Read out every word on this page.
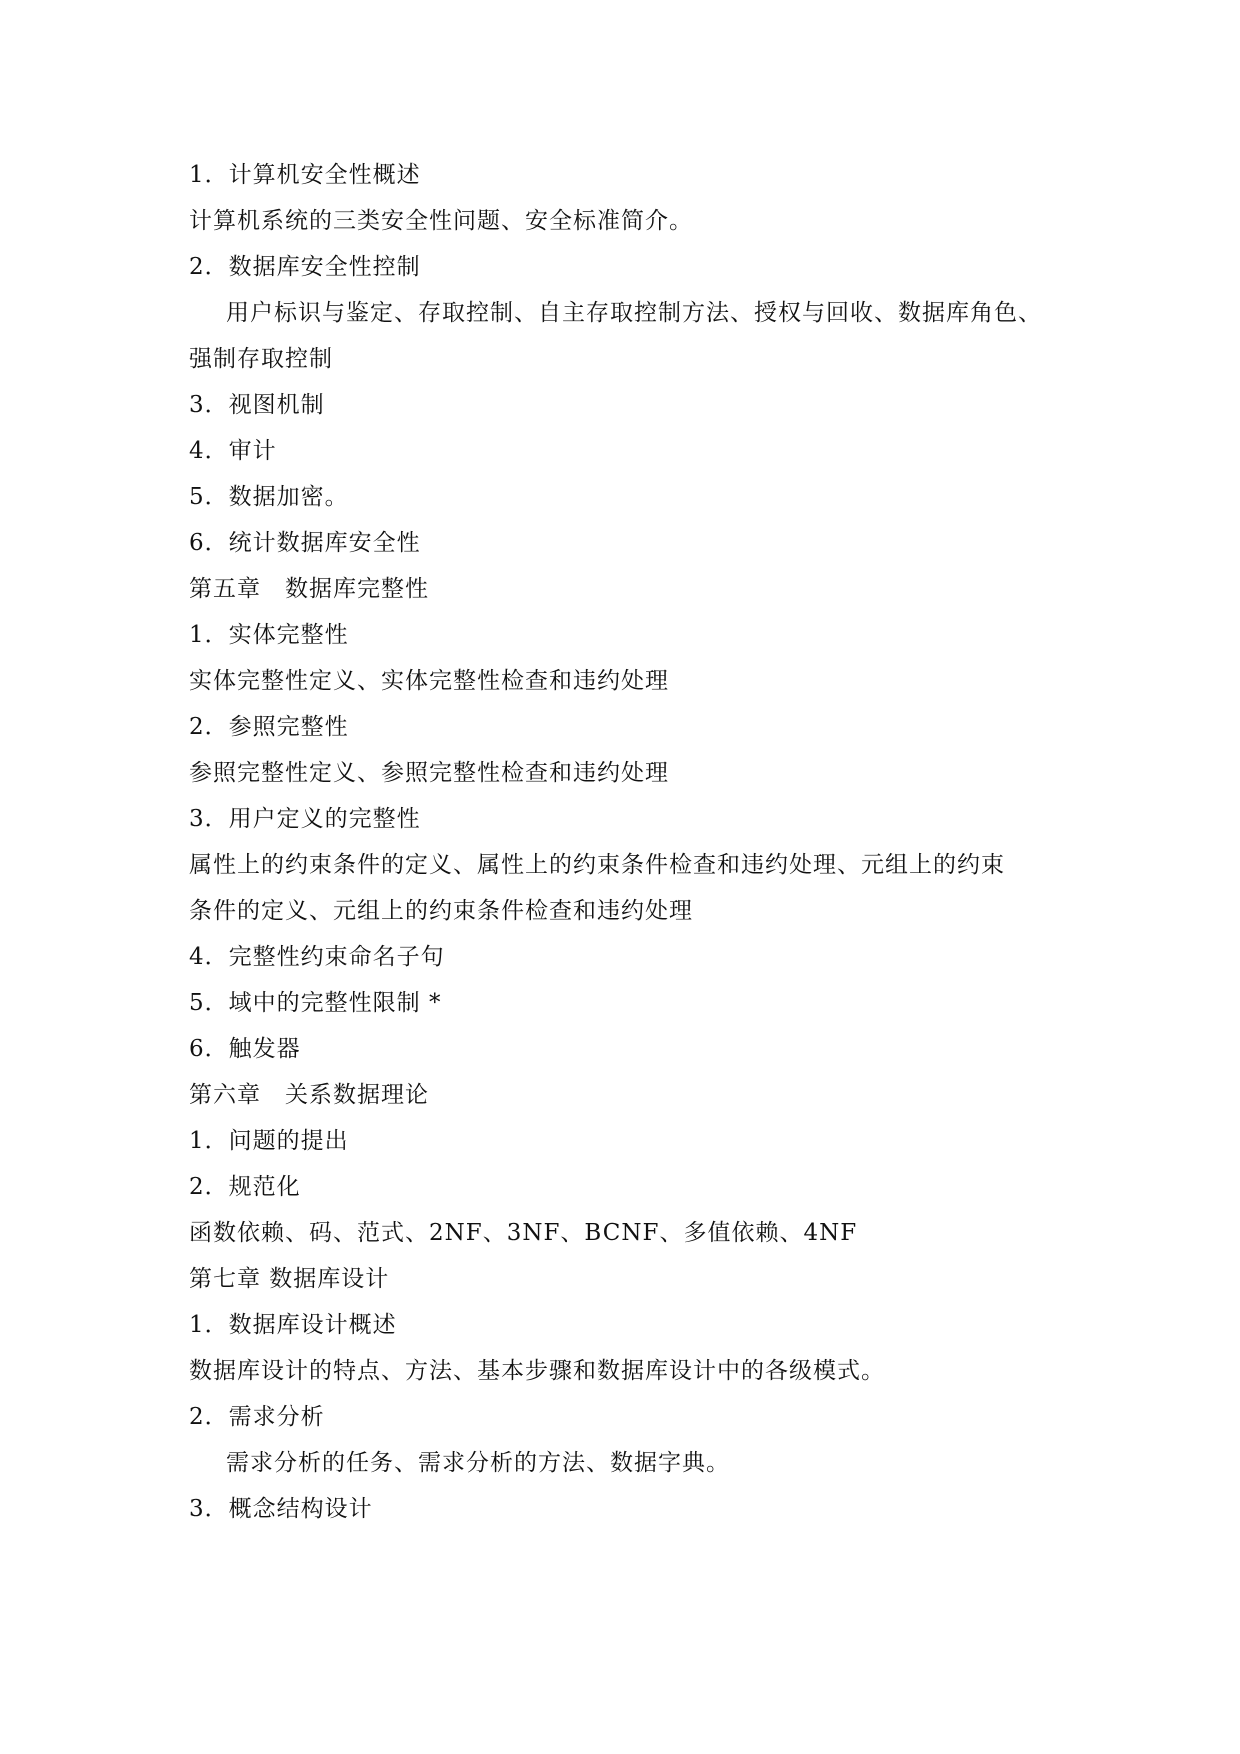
1．计算机安全性概述
计算机系统的三类安全性问题、安全标准简介。
2．数据库安全性控制
用户标识与鉴定、存取控制、自主存取控制方法、授权与回收、数据库角色、
强制存取控制
3．视图机制
4．审计
5．数据加密。
6．统计数据库安全性
第五章　数据库完整性
1．实体完整性
实体完整性定义、实体完整性检查和违约处理
2．参照完整性
参照完整性定义、参照完整性检查和违约处理
3．用户定义的完整性
属性上的约束条件的定义、属性上的约束条件检查和违约处理、元组上的约束
条件的定义、元组上的约束条件检查和违约处理
4．完整性约束命名子句
5．域中的完整性限制 *
6．触发器
第六章　关系数据理论
1．问题的提出
2．规范化
函数依赖、码、范式、2NF、3NF、BCNF、多值依赖、4NF
第七章 数据库设计
1．数据库设计概述
数据库设计的特点、方法、基本步骤和数据库设计中的各级模式。
2．需求分析
需求分析的任务、需求分析的方法、数据字典。
3．概念结构设计
